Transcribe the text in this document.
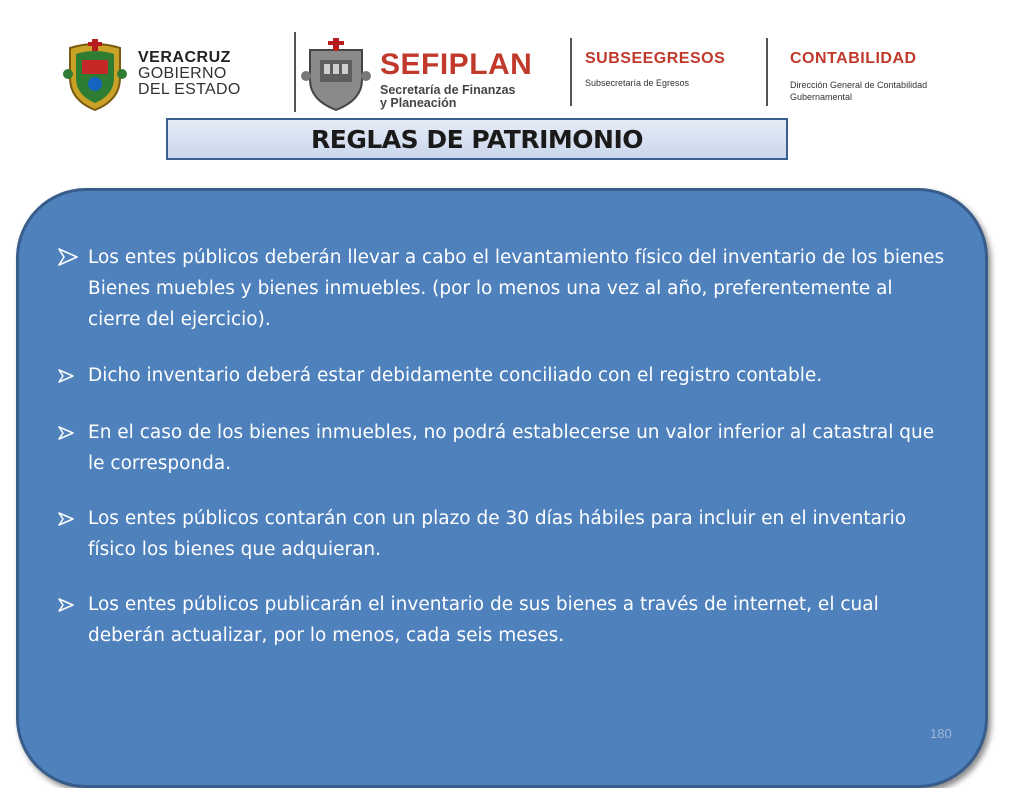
VERACRUZ
GOBIERNO
DEL ESTADO
SEFIPLAN
Secretaría de Finanzas
y Planeación
SUBSEEGRESOS
Subsecretaría de Egresos
CONTABILIDAD
Dirección General de Contabilidad Gubernamental
REGLAS DE PATRIMONIO
Los entes públicos deberán llevar a cabo el levantamiento físico del inventario de los bienes Bienes muebles y bienes inmuebles. (por lo menos una vez al año, preferentemente al cierre del ejercicio).
Dicho inventario deberá estar debidamente conciliado con el registro contable.
En el caso de los bienes inmuebles, no podrá establecerse un valor inferior al catastral que le corresponda.
Los entes públicos contarán con un plazo de 30 días hábiles para incluir en el inventario físico los bienes que adquieran.
Los entes públicos publicarán el inventario de sus bienes a través de internet, el cual deberán actualizar, por lo menos, cada seis meses.
180
